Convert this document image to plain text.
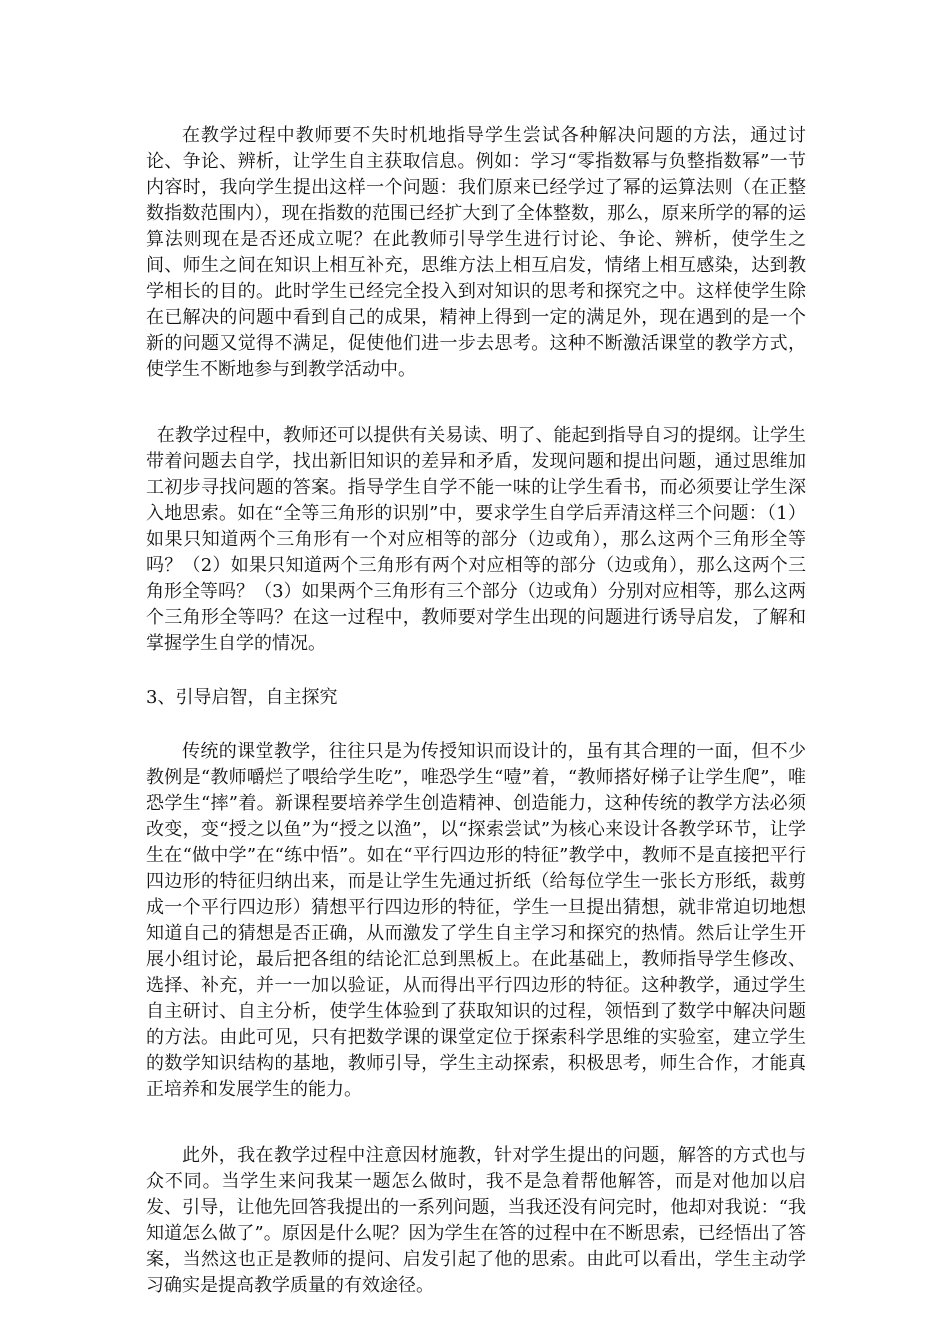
在教学过程中教师要不失时机地指导学生尝试各种解决问题的方法，通过讨论、争论、辨析，让学生自主获取信息。例如：学习“零指数幂与负整指数幂”一节内容时，我向学生提出这样一个问题：我们原来已经学过了幂的运算法则（在正整数指数范围内），现在指数的范围已经扩大到了全体整数，那么，原来所学的幂的运算法则现在是否还成立呢？在此教师引导学生进行讨论、争论、辨析，使学生之间、师生之间在知识上相互补充，思维方法上相互启发，情绪上相互感染，达到教学相长的目的。此时学生已经完全投入到对知识的思考和探究之中。这样使学生除在已解决的问题中看到自己的成果，精神上得到一定的满足外，现在遇到的是一个新的问题又觉得不满足，促使他们进一步去思考。这种不断激活课堂的教学方式，使学生不断地参与到教学活动中。

在教学过程中，教师还可以提供有关易读、明了、能起到指导自习的提纲。让学生带着问题去自学，找出新旧知识的差异和矛盾，发现问题和提出问题，通过思维加工初步寻找问题的答案。指导学生自学不能一味的让学生看书，而必须要让学生深入地思索。如在“全等三角形的识别”中，要求学生自学后弄清这样三个问题：（1）如果只知道两个三角形有一个对应相等的部分（边或角），那么这两个三角形全等吗？（2）如果只知道两个三角形有两个对应相等的部分（边或角），那么这两个三角形全等吗？（3）如果两个三角形有三个部分（边或角）分别对应相等，那么这两个三角形全等吗？在这一过程中，教师要对学生出现的问题进行诱导启发，了解和掌握学生自学的情况。

3、引导启智，自主探究

传统的课堂教学，往往只是为传授知识而设计的，虽有其合理的一面，但不少教例是“教师嚼烂了喂给学生吃”，唯恐学生“噎”着，“教师搭好梯子让学生爬”，唯恐学生“摔”着。新课程要培养学生创造精神、创造能力，这种传统的教学方法必须改变，变“授之以鱼”为“授之以渔”，以“探索尝试”为核心来设计各教学环节，让学生在“做中学”在“练中悟”。如在“平行四边形的特征”教学中，教师不是直接把平行四边形的特征归纳出来，而是让学生先通过折纸（给每位学生一张长方形纸，裁剪成一个平行四边形）猜想平行四边形的特征，学生一旦提出猜想，就非常迫切地想知道自己的猜想是否正确，从而激发了学生自主学习和探究的热情。然后让学生开展小组讨论，最后把各组的结论汇总到黑板上。在此基础上，教师指导学生修改、选择、补充，并一一加以验证，从而得出平行四边形的特征。这种教学，通过学生自主研讨、自主分析，使学生体验到了获取知识的过程，领悟到了数学中解决问题的方法。由此可见，只有把数学课的课堂定位于探索科学思维的实验室，建立学生的数学知识结构的基地，教师引导，学生主动探索，积极思考，师生合作，才能真正培养和发展学生的能力。

此外，我在教学过程中注意因材施教，针对学生提出的问题，解答的方式也与众不同。当学生来问我某一题怎么做时，我不是急着帮他解答，而是对他加以启发、引导，让他先回答我提出的一系列问题，当我还没有问完时，他却对我说：“我知道怎么做了”。原因是什么呢？因为学生在答的过程中在不断思索，已经悟出了答案，当然这也正是教师的提问、启发引起了他的思索。由此可以看出，学生主动学习确实是提高教学质量的有效途径。
